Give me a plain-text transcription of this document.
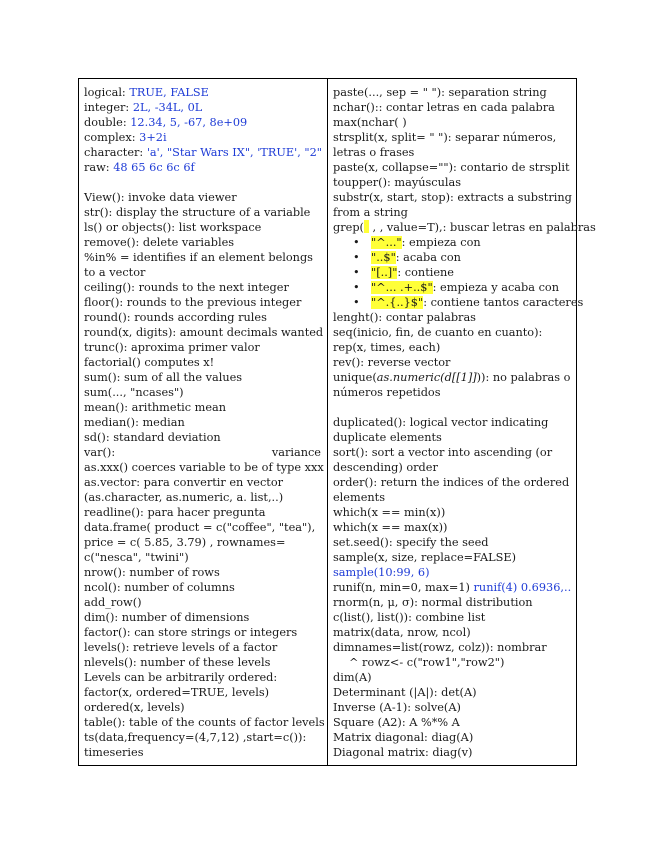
logical: TRUE, FALSE
integer: 2L, -34L, 0L
double: 12.34, 5, -67, 8e+09
complex: 3+2i
character: 'a', "Star Wars IX", 'TRUE', "2"
raw: 48 65 6c 6c 6f
View(): invoke data viewer
str(): display the structure of a variable
ls() or objects(): list workspace
remove(): delete variables
%in% = identifies if an element belongs to a vector
ceiling(): rounds to the next integer
floor(): rounds to the previous integer
round(): rounds according rules
round(x, digits): amount decimals wanted
trunc(): aproxima primer valor
factorial() computes x!
sum(): sum of all the values
sum(..., "ncases")
mean(): arithmetic mean
median(): median
sd(): standard deviation
var():	variance
as.xxx() coerces variable to be of type xxx
as.vector: para convertir en vector (as.character, as.numeric, a. list,..)
readline(): para hacer pregunta
data.frame( product = c("coffee", "tea"), price = c( 5.85, 3.79) , rownames= c("nesca", "twini")
nrow(): number of rows
ncol(): number of columns
add_row()
dim(): number of dimensions
factor(): can store strings or integers
levels(): retrieve levels of a factor
nlevels(): number of these levels
Levels can be arbitrarily ordered:
factor(x, ordered=TRUE, levels)
ordered(x, levels)
table(): table of the counts of factor levels
ts(data,frequency=(4,7,12) ,start=c()): timeseries
paste(..., sep = " "): separation string
nchar():: contar letras en cada palabra
max(nchar( )
strsplit(x, split= " "): separar números, letras o frases
paste(x, collapse=""): contario de strsplit
toupper(): mayúsculas
substr(x, start, stop): extracts a substring from a string
grep( , , value=T),: buscar letras en palabras
• "^...": empieza con
• "..$": acaba con
• "[..]": contiene
• "^... .+..$": empieza y acaba con
• "^.{..}$": contiene tantos caracteres
lenght(): contar palabras
seq(inicio, fin, de cuanto en cuanto):
rep(x, times, each)
rev(): reverse vector
unique(as.numeric(d[[1]])): no palabras o números repetidos
duplicated(): logical vector indicating duplicate elements
sort(): sort a vector into ascending (or descending) order
order(): return the indices of the ordered elements
which(x == min(x))
which(x == max(x))
set.seed(): specify the seed
sample(x, size, replace=FALSE)
sample(10:99, 6)
runif(n, min=0, max=1) runif(4) 0.6936,..
rnorm(n, μ, σ): normal distribution
c(list(), list()): combine list
matrix(data, nrow, ncol)
dimnames=list(rowz, colz)): nombrar
^ rowz<- c("row1","row2")
dim(A)
Determinant (|A|): det(A)
Inverse (A-1): solve(A)
Square (A2): A %*% A
Matrix diagonal: diag(A)
Diagonal matrix: diag(v)
